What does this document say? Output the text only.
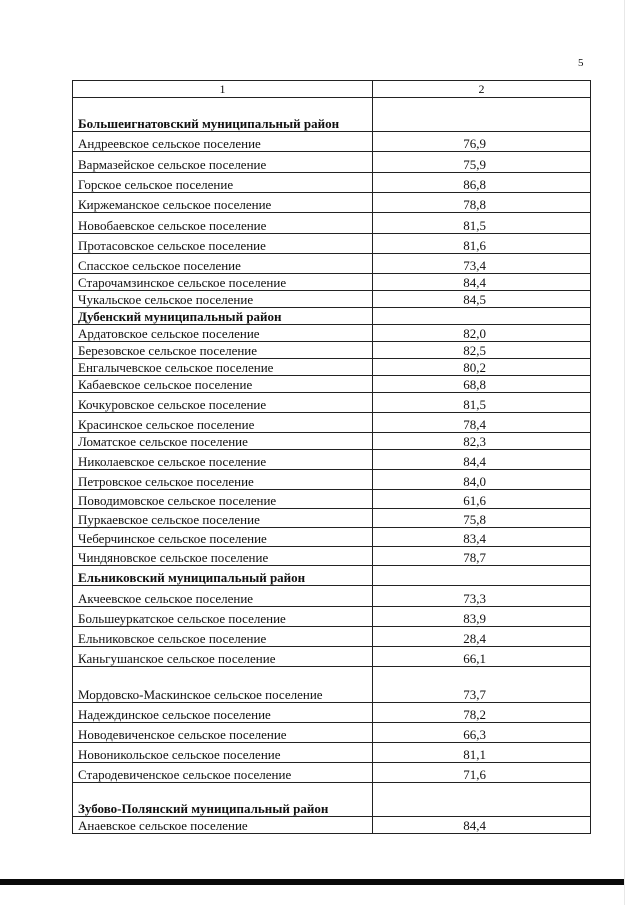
5
1	2
Большеигнатовский муниципальный район	
Андреевское сельское поселение	76,9
Вармазейское сельское поселение	75,9
Горское сельское поселение	86,8
Киржеманское сельское поселение	78,8
Новобаевское сельское поселение	81,5
Протасовское сельское поселение	81,6
Спасское сельское поселение	73,4
Старочамзинское сельское поселение	84,4
Чукальское сельское поселение	84,5
Дубенский муниципальный район	
Ардатовское сельское поселение	82,0
Березовское сельское поселение	82,5
Енгалычевское сельское поселение	80,2
Кабаевское сельское поселение	68,8
Кочкуровское сельское поселение	81,5
Красинское сельское поселение	78,4
Ломатское сельское поселение	82,3
Николаевское сельское поселение	84,4
Петровское сельское поселение	84,0
Поводимовское сельское поселение	61,6
Пуркаевское сельское поселение	75,8
Чеберчинское сельское поселение	83,4
Чиндяновское сельское поселение	78,7
Ельниковский муниципальный район	
Акчеевское сельское поселение	73,3
Большеуркатское сельское поселение	83,9
Ельниковское сельское поселение	28,4
Каньгушанское сельское поселение	66,1
Мордовско-Маскинское сельское поселение	73,7
Надеждинское сельское поселение	78,2
Новодевиченское сельское поселение	66,3
Новоникольское сельское поселение	81,1
Стародевиченское сельское поселение	71,6
Зубово-Полянский муниципальный район	
Анаевское сельское поселение	84,4
